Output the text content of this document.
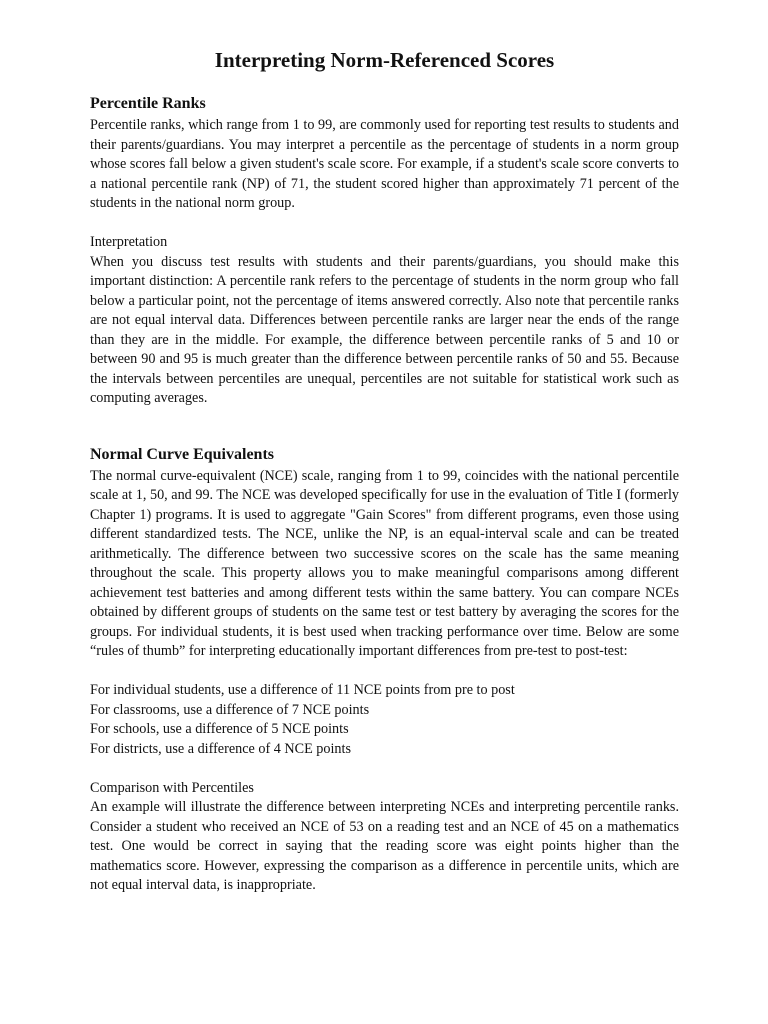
Interpreting Norm-Referenced Scores
Percentile Ranks

Percentile ranks, which range from 1 to 99, are commonly used for reporting test results to students and their parents/guardians. You may interpret a percentile as the percentage of students in a norm group whose scores fall below a given student's scale score. For example, if a student's scale score converts to a national percentile rank (NP) of 71, the student scored higher than approximately 71 percent of the students in the national norm group.

Interpretation

When you discuss test results with students and their parents/guardians, you should make this important distinction: A percentile rank refers to the percentage of students in the norm group who fall below a particular point, not the percentage of items answered correctly. Also note that percentile ranks are not equal interval data. Differences between percentile ranks are larger near the ends of the range than they are in the middle. For example, the difference between percentile ranks of 5 and 10 or between 90 and 95 is much greater than the difference between percentile ranks of 50 and 55. Because the intervals between percentiles are unequal, percentiles are not suitable for statistical work such as computing averages.

Normal Curve Equivalents

The normal curve-equivalent (NCE) scale, ranging from 1 to 99, coincides with the national percentile scale at 1, 50, and 99. The NCE was developed specifically for use in the evaluation of Title I (formerly Chapter 1) programs. It is used to aggregate "Gain Scores" from different programs, even those using different standardized tests. The NCE, unlike the NP, is an equal-interval scale and can be treated arithmetically. The difference between two successive scores on the scale has the same meaning throughout the scale. This property allows you to make meaningful comparisons among different achievement test batteries and among different tests within the same battery. You can compare NCEs obtained by different groups of students on the same test or test battery by averaging the scores for the groups. For individual students, it is best used when tracking performance over time. Below are some “rules of thumb” for interpreting educationally important differences from pre-test to post-test:

For individual students, use a difference of 11 NCE points from pre to post
For classrooms, use a difference of 7 NCE points
For schools, use a difference of 5 NCE points
For districts, use a difference of 4 NCE points

Comparison with Percentiles

An example will illustrate the difference between interpreting NCEs and interpreting percentile ranks. Consider a student who received an NCE of 53 on a reading test and an NCE of 45 on a mathematics test. One would be correct in saying that the reading score was eight points higher than the mathematics score. However, expressing the comparison as a difference in percentile units, which are not equal interval data, is inappropriate.
